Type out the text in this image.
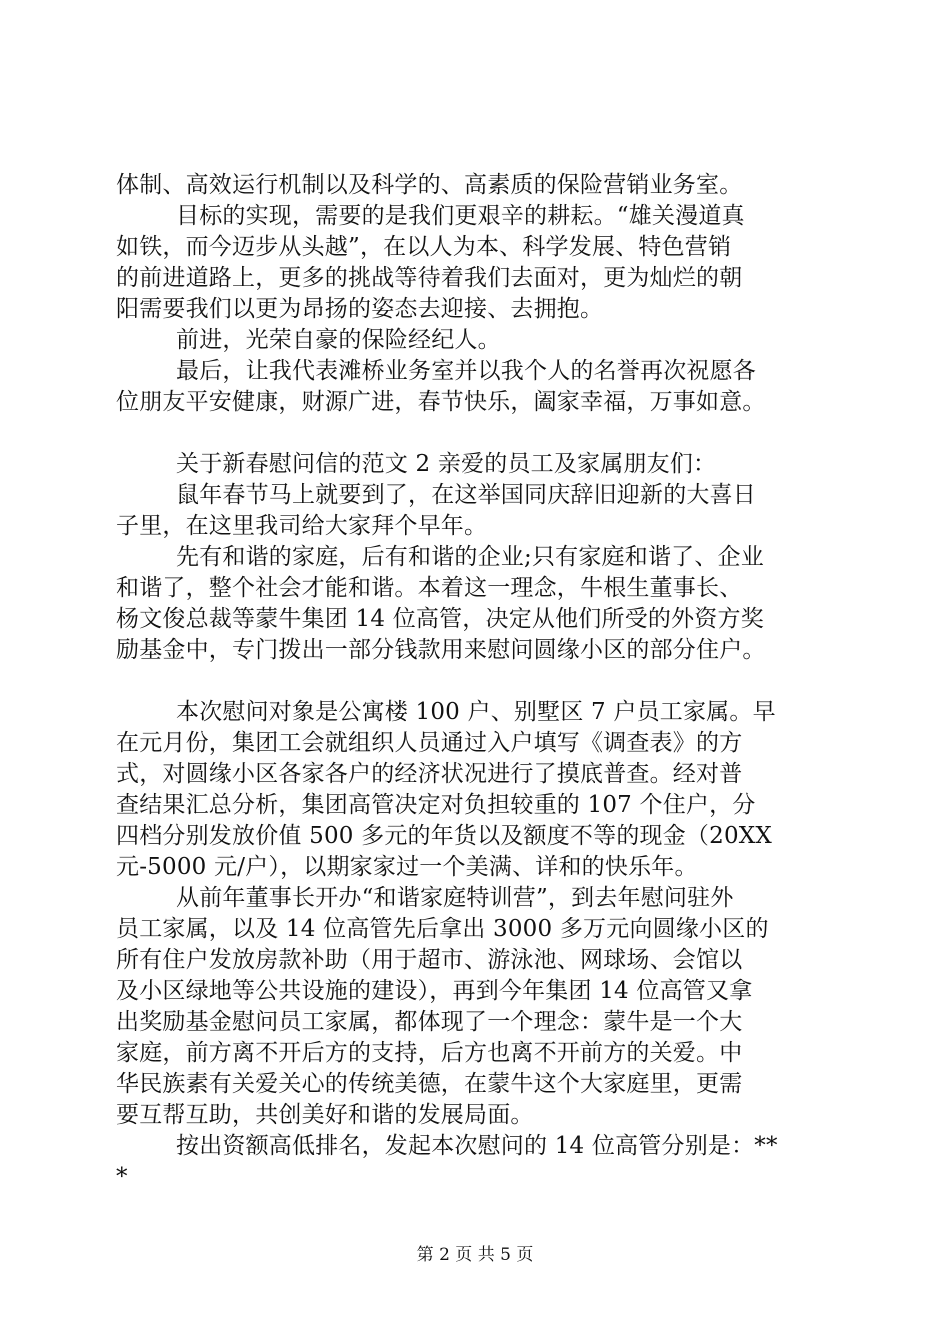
体制、高效运行机制以及科学的、高素质的保险营销业务室。
目标的实现，需要的是我们更艰辛的耕耘。“雄关漫道真
如铁，而今迈步从头越”，在以人为本、科学发展、特色营销
的前进道路上，更多的挑战等待着我们去面对，更为灿烂的朝
阳需要我们以更为昂扬的姿态去迎接、去拥抱。
前进，光荣自豪的保险经纪人。
最后，让我代表滩桥业务室并以我个人的名誉再次祝愿各
位朋友平安健康，财源广进，春节快乐，阖家幸福，万事如意。
关于新春慰问信的范文 2 亲爱的员工及家属朋友们：
鼠年春节马上就要到了，在这举国同庆辞旧迎新的大喜日
子里，在这里我司给大家拜个早年。
先有和谐的家庭，后有和谐的企业;只有家庭和谐了、企业
和谐了，整个社会才能和谐。本着这一理念，牛根生董事长、
杨文俊总裁等蒙牛集团 14 位高管，决定从他们所受的外资方奖
励基金中，专门拨出一部分钱款用来慰问圆缘小区的部分住户。
本次慰问对象是公寓楼 100 户、别墅区 7 户员工家属。早
在元月份，集团工会就组织人员通过入户填写《调查表》的方
式，对圆缘小区各家各户的经济状况进行了摸底普查。经对普
查结果汇总分析，集团高管决定对负担较重的 107 个住户，分
四档分别发放价值 500 多元的年货以及额度不等的现金（20XX
元-5000 元/户），以期家家过一个美满、详和的快乐年。
从前年董事长开办“和谐家庭特训营”，到去年慰问驻外
员工家属，以及 14 位高管先后拿出 3000 多万元向圆缘小区的
所有住户发放房款补助（用于超市、游泳池、网球场、会馆以
及小区绿地等公共设施的建设），再到今年集团 14 位高管又拿
出奖励基金慰问员工家属，都体现了一个理念：蒙牛是一个大
家庭，前方离不开后方的支持，后方也离不开前方的关爱。中
华民族素有关爱关心的传统美德，在蒙牛这个大家庭里，更需
要互帮互助，共创美好和谐的发展局面。
按出资额高低排名，发起本次慰问的 14 位高管分别是：**
*
第 2 页 共 5 页
